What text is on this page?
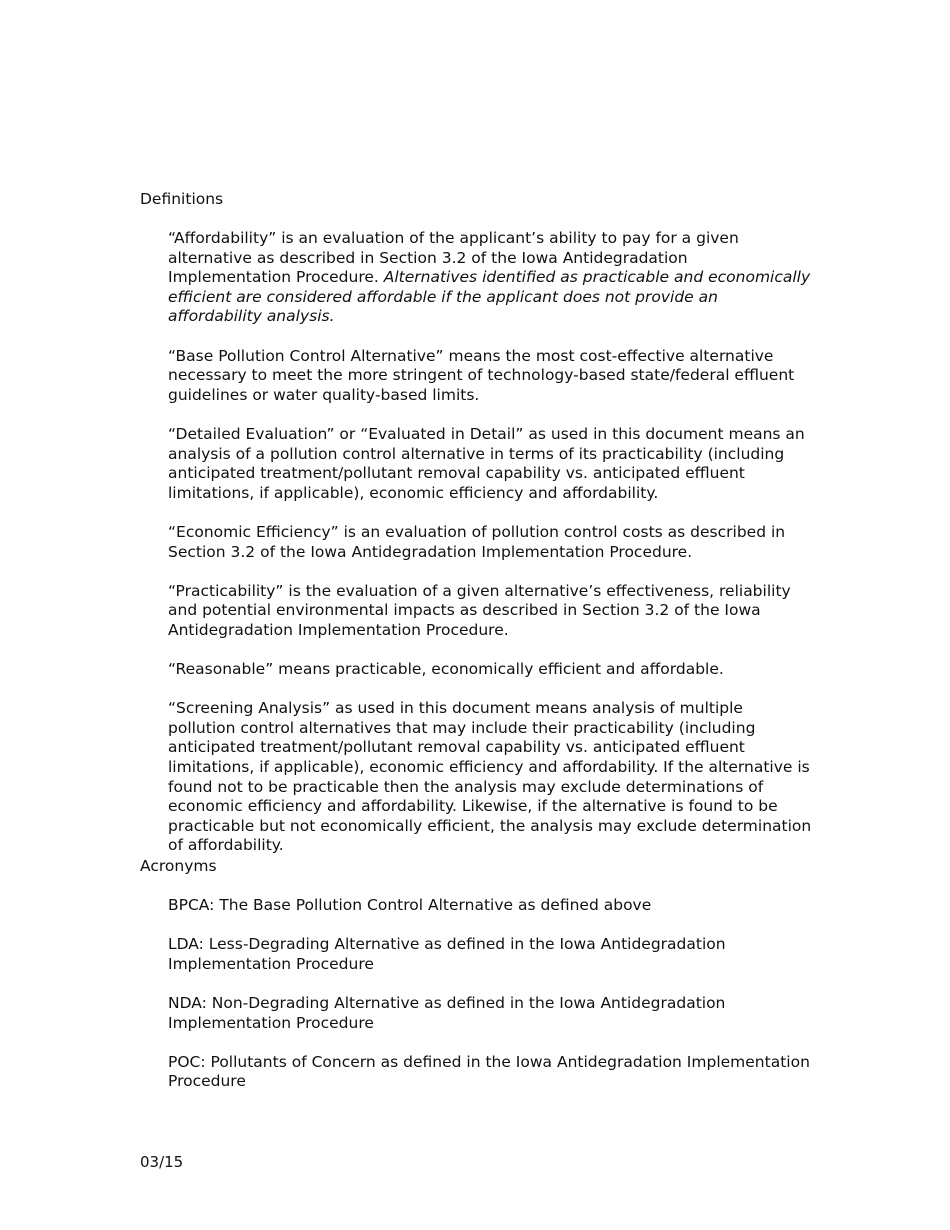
Definitions

“Affordability” is an evaluation of the applicant’s ability to pay for a given alternative as described in Section 3.2 of the Iowa Antidegradation Implementation Procedure. Alternatives identified as practicable and economically efficient are considered affordable if the applicant does not provide an affordability analysis.

“Base Pollution Control Alternative” means the most cost-effective alternative necessary to meet the more stringent of technology-based state/federal effluent guidelines or water quality-based limits.

“Detailed Evaluation” or “Evaluated in Detail” as used in this document means an analysis of a pollution control alternative in terms of its practicability (including anticipated treatment/pollutant removal capability vs. anticipated effluent limitations, if applicable), economic efficiency and affordability.

“Economic Efficiency” is an evaluation of pollution control costs as described in Section 3.2 of the Iowa Antidegradation Implementation Procedure.

“Practicability” is the evaluation of a given alternative’s effectiveness, reliability and potential environmental impacts as described in Section 3.2 of the Iowa Antidegradation Implementation Procedure.

“Reasonable” means practicable, economically efficient and affordable.

“Screening Analysis” as used in this document means analysis of multiple pollution control alternatives that may include their practicability (including anticipated treatment/pollutant removal capability vs. anticipated effluent limitations, if applicable), economic efficiency and affordability. If the alternative is found not to be practicable then the analysis may exclude determinations of economic efficiency and affordability. Likewise, if the alternative is found to be practicable but not economically efficient, the analysis may exclude determination of affordability.

Acronyms

BPCA: The Base Pollution Control Alternative as defined above

LDA: Less-Degrading Alternative as defined in the Iowa Antidegradation Implementation Procedure

NDA: Non-Degrading Alternative as defined in the Iowa Antidegradation Implementation Procedure

POC: Pollutants of Concern as defined in the Iowa Antidegradation Implementation Procedure

03/15
